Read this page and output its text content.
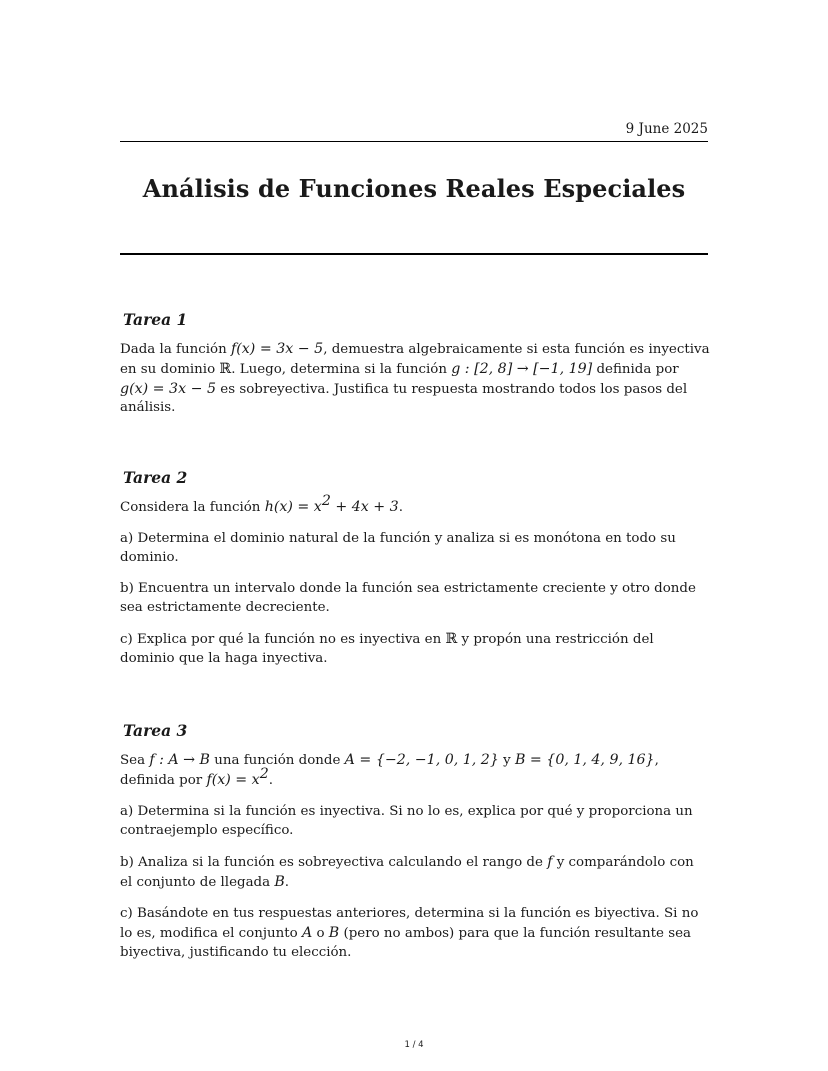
9 June 2025
Análisis de Funciones Reales Especiales
Tarea 1

Dada la función f(x) = 3x − 5, demuestra algebraicamente si esta función es inyectiva en su dominio ℝ. Luego, determina si la función g : [2, 8] → [−1, 19] definida por g(x) = 3x − 5 es sobreyectiva. Justifica tu respuesta mostrando todos los pasos del análisis.

Tarea 2

Considera la función $h(x) = x^2 + 4x + 3$.

a) Determina el dominio natural de la función y analiza si es monótona en todo su dominio.

b) Encuentra un intervalo donde la función sea estrictamente creciente y otro donde sea estrictamente decreciente.

c) Explica por qué la función no es inyectiva en ℝ y propón una restricción del dominio que la haga inyectiva.

Tarea 3

Sea f : A → B una función donde A = {−2, −1, 0, 1, 2} y B = {0, 1, 4, 9, 16}, definida por $f(x) = x^2$.

a) Determina si la función es inyectiva. Si no lo es, explica por qué y proporciona un contraejemplo específico.

b) Analiza si la función es sobreyectiva calculando el rango de f y comparándolo con el conjunto de llegada B.

c) Basándote en tus respuestas anteriores, determina si la función es biyectiva. Si no lo es, modifica el conjunto A o B (pero no ambos) para que la función resultante sea biyectiva, justificando tu elección.

1 / 4
